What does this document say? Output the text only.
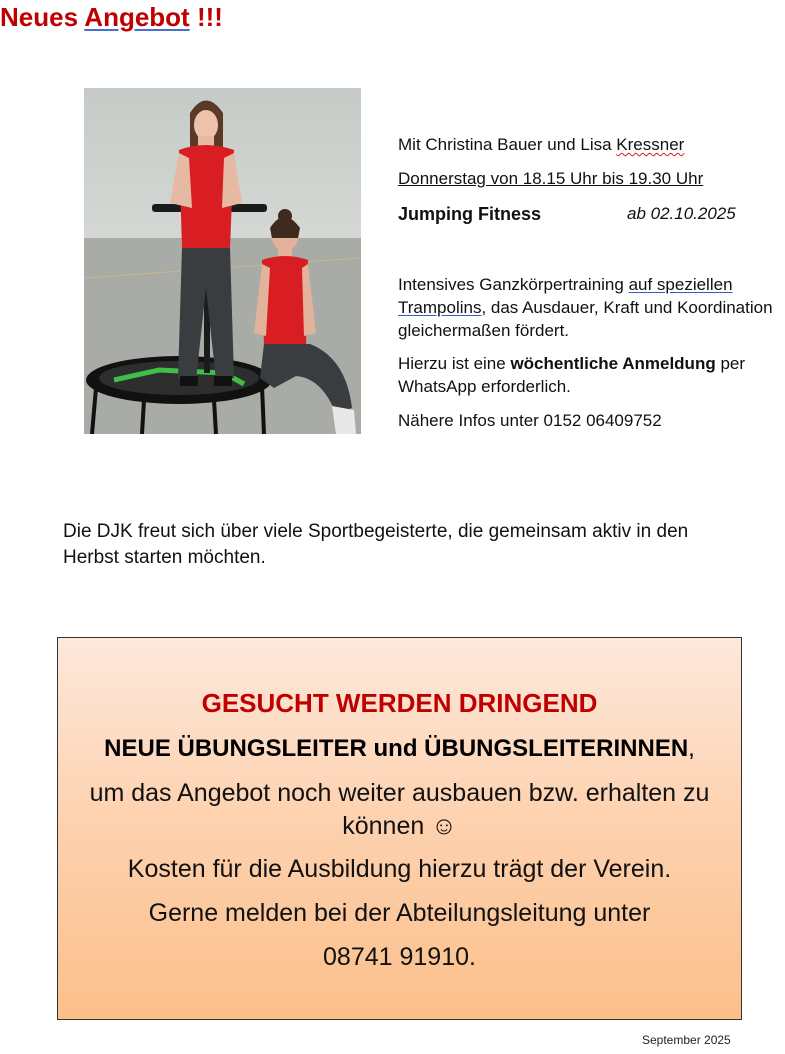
Neues Angebot !!!
Mit Christina Bauer und Lisa Kressner
Donnerstag von 18.15 Uhr bis 19.30 Uhr
Jumping Fitness	ab 02.10.2025
Intensives Ganzkörpertraining auf speziellen Trampolins, das Ausdauer, Kraft und Koordination gleichermaßen fördert.
Hierzu ist eine wöchentliche Anmeldung per WhatsApp erforderlich.
Nähere Infos unter 0152 06409752
Die DJK freut sich über viele Sportbegeisterte, die gemeinsam aktiv in den Herbst starten möchten.
GESUCHT WERDEN DRINGEND
NEUE ÜBUNGSLEITER und ÜBUNGSLEITERINNEN,
um das Angebot noch weiter ausbauen bzw. erhalten zu können ☺
Kosten für die Ausbildung hierzu trägt der Verein.
Gerne melden bei der Abteilungsleitung unter
08741 91910.
September 2025
